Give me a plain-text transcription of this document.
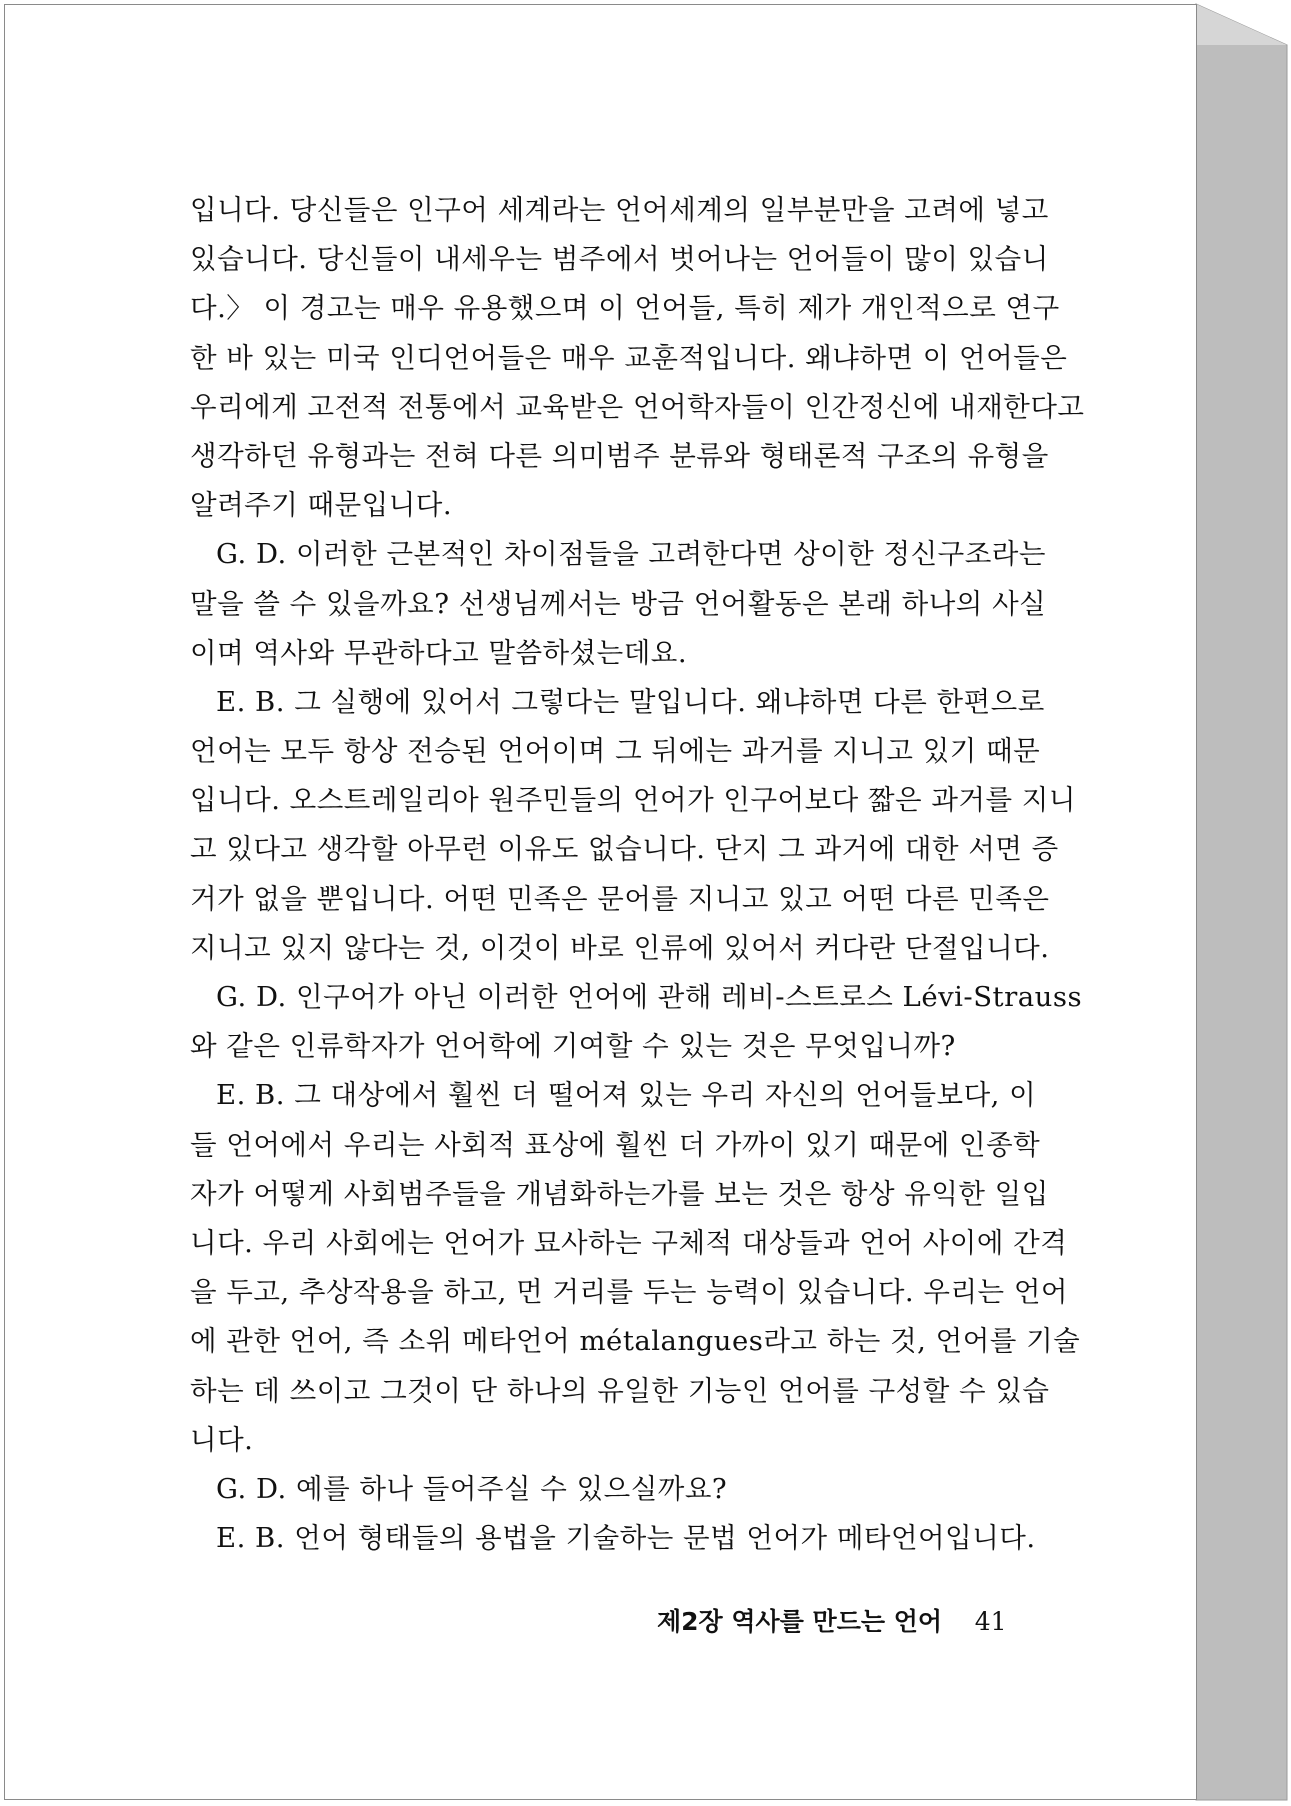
입니다. 당신들은 인구어 세계라는 언어세계의 일부분만을 고려에 넣고
있습니다. 당신들이 내세우는 범주에서 벗어나는 언어들이 많이 있습니
다.〉 이 경고는 매우 유용했으며 이 언어들, 특히 제가 개인적으로 연구
한 바 있는 미국 인디언어들은 매우 교훈적입니다. 왜냐하면 이 언어들은
우리에게 고전적 전통에서 교육받은 언어학자들이 인간정신에 내재한다고
생각하던 유형과는 전혀 다른 의미범주 분류와 형태론적 구조의 유형을
알려주기 때문입니다.
G. D. 이러한 근본적인 차이점들을 고려한다면 상이한 정신구조라는
말을 쓸 수 있을까요? 선생님께서는 방금 언어활동은 본래 하나의 사실
이며 역사와 무관하다고 말씀하셨는데요.
E. B. 그 실행에 있어서 그렇다는 말입니다. 왜냐하면 다른 한편으로
언어는 모두 항상 전승된 언어이며 그 뒤에는 과거를 지니고 있기 때문
입니다. 오스트레일리아 원주민들의 언어가 인구어보다 짧은 과거를 지니
고 있다고 생각할 아무런 이유도 없습니다. 단지 그 과거에 대한 서면 증
거가 없을 뿐입니다. 어떤 민족은 문어를 지니고 있고 어떤 다른 민족은
지니고 있지 않다는 것, 이것이 바로 인류에 있어서 커다란 단절입니다.
G. D. 인구어가 아닌 이러한 언어에 관해 레비-스트로스 Lévi-Strauss
와 같은 인류학자가 언어학에 기여할 수 있는 것은 무엇입니까?
E. B. 그 대상에서 훨씬 더 떨어져 있는 우리 자신의 언어들보다, 이
들 언어에서 우리는 사회적 표상에 훨씬 더 가까이 있기 때문에 인종학
자가 어떻게 사회범주들을 개념화하는가를 보는 것은 항상 유익한 일입
니다. 우리 사회에는 언어가 묘사하는 구체적 대상들과 언어 사이에 간격
을 두고, 추상작용을 하고, 먼 거리를 두는 능력이 있습니다. 우리는 언어
에 관한 언어, 즉 소위 메타언어 métalangues라고 하는 것, 언어를 기술
하는 데 쓰이고 그것이 단 하나의 유일한 기능인 언어를 구성할 수 있습
니다.
G. D. 예를 하나 들어주실 수 있으실까요?
E. B. 언어 형태들의 용법을 기술하는 문법 언어가 메타언어입니다.
제2장 역사를 만드는 언어 41
